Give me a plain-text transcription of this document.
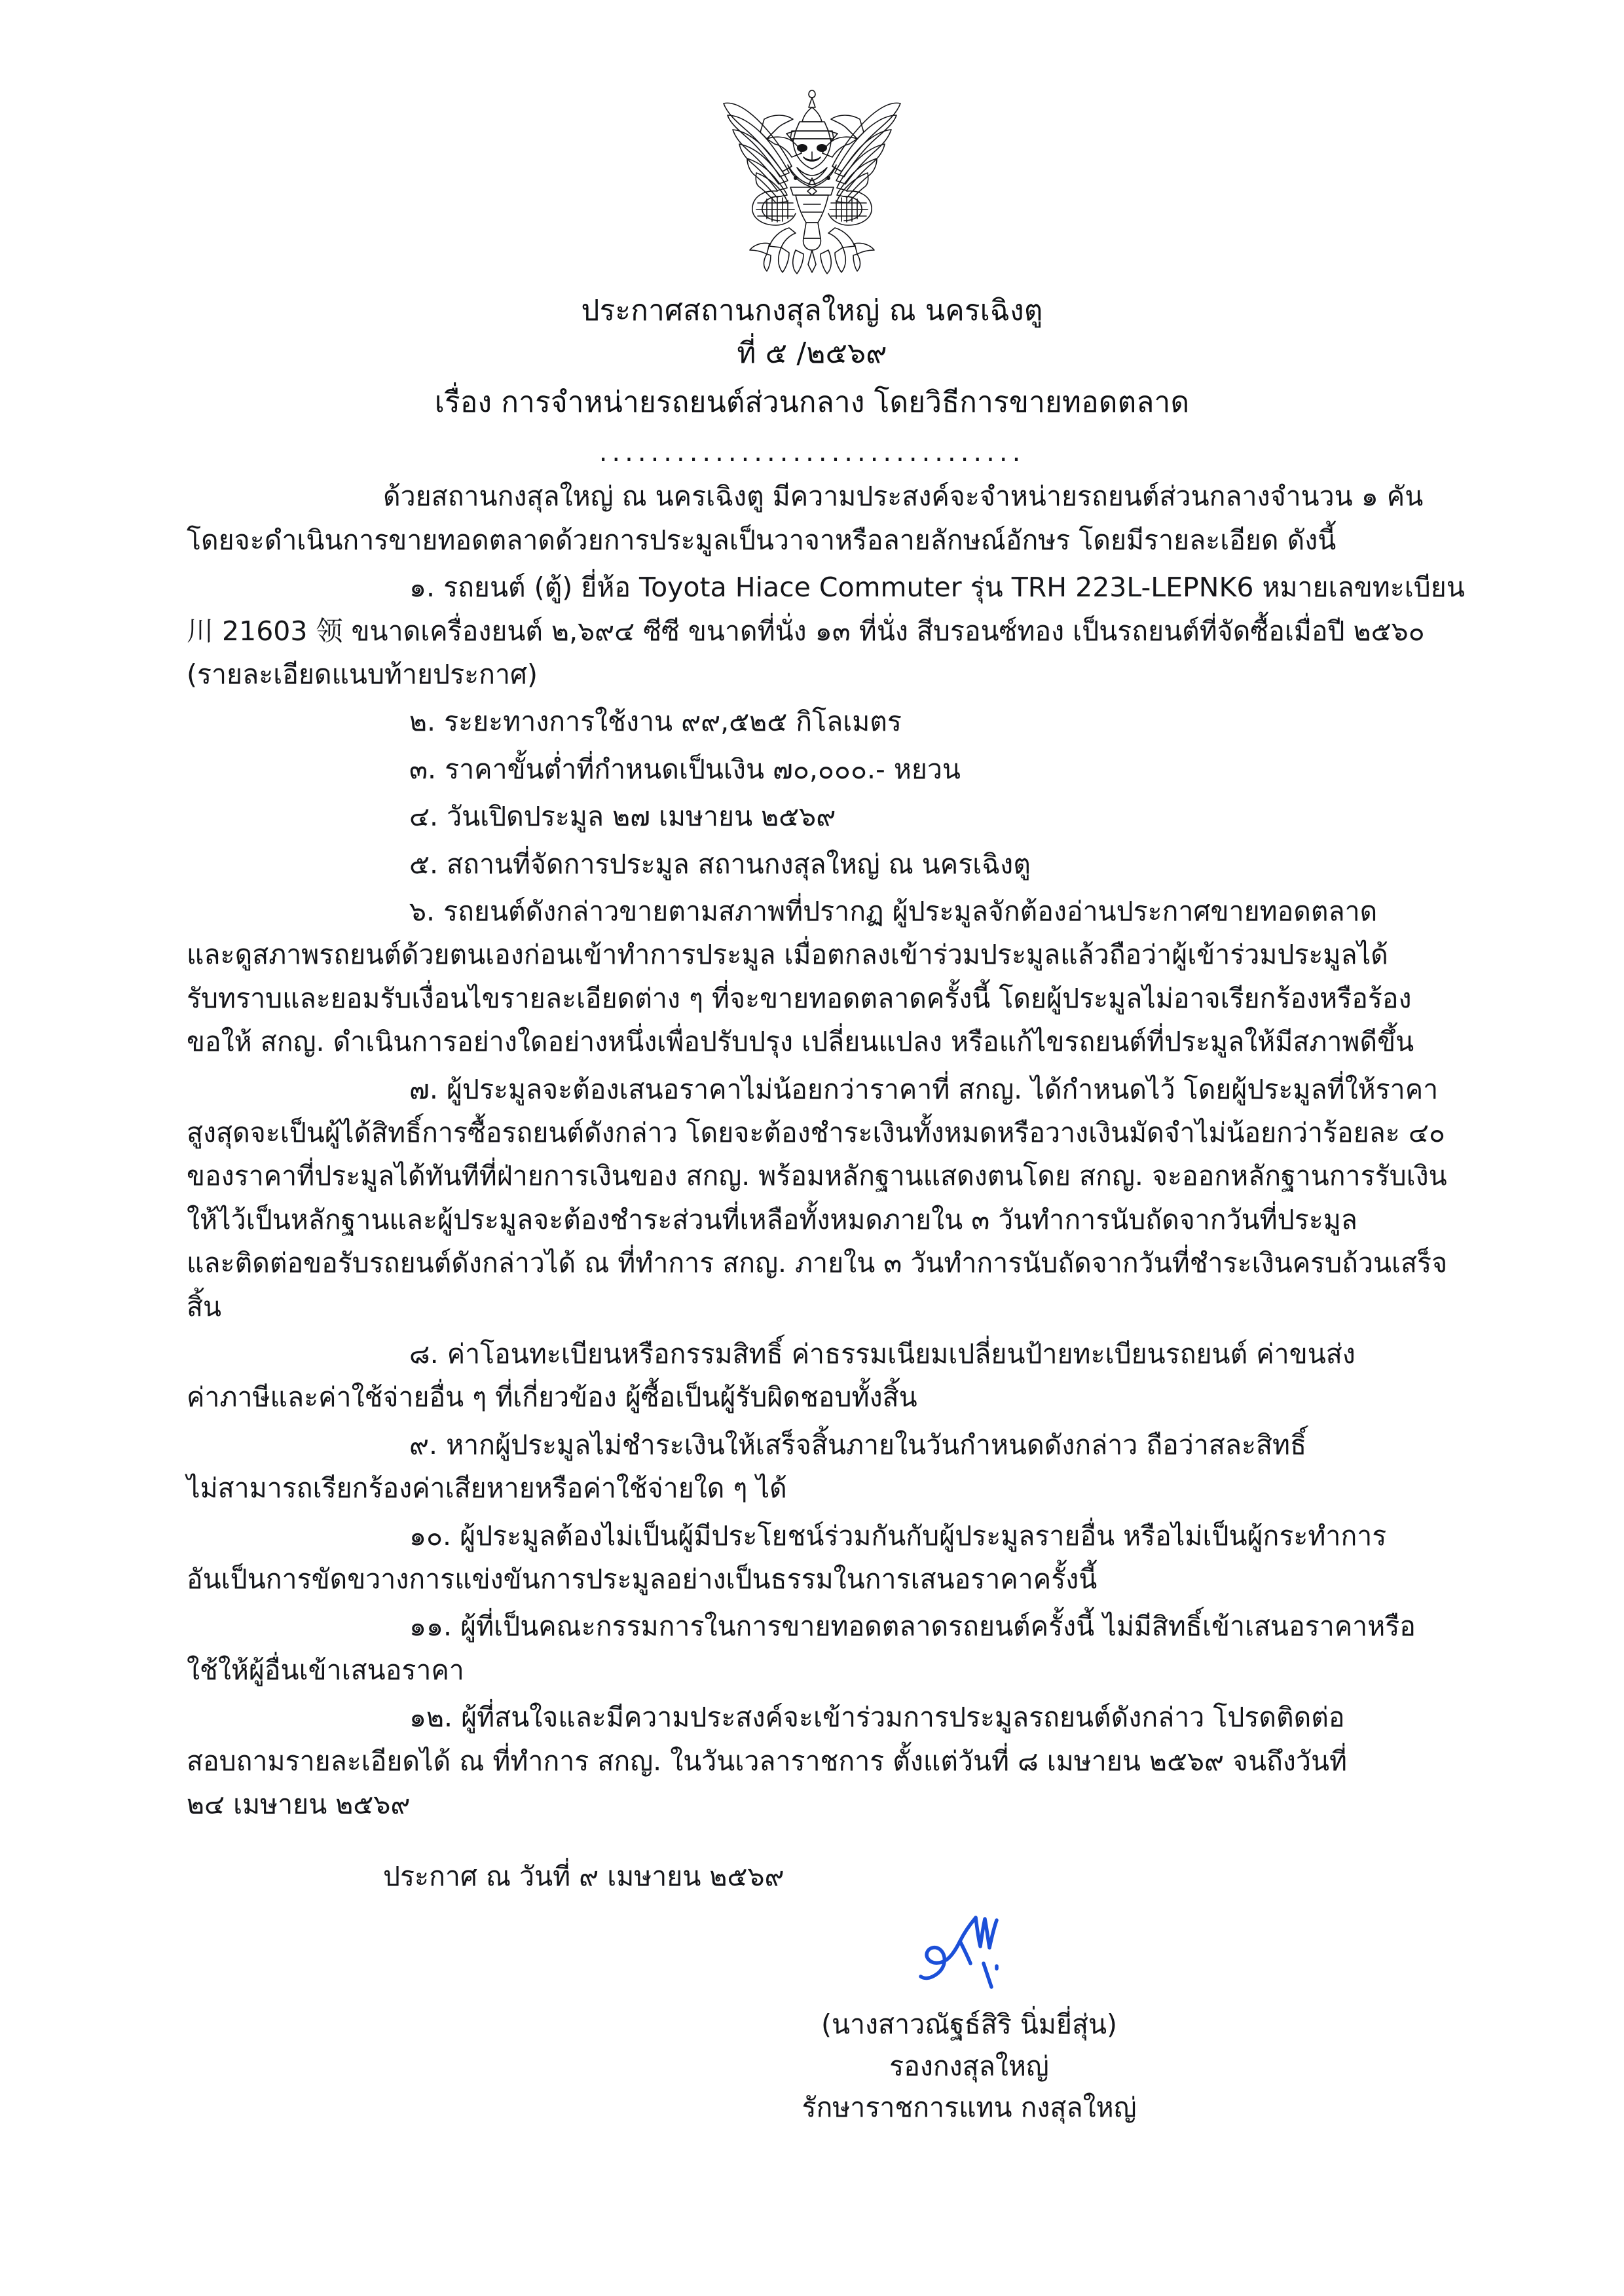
ประกาศสถานกงสุลใหญ่ ณ นครเฉิงตู
ที่ ๕ /๒๕๖๙
เรื่อง การจำหน่ายรถยนต์ส่วนกลาง โดยวิธีการขายทอดตลาด
.................................

ด้วยสถานกงสุลใหญ่ ณ นครเฉิงตู มีความประสงค์จะจำหน่ายรถยนต์ส่วนกลางจำนวน ๑ คัน

โดยจะดำเนินการขายทอดตลาดด้วยการประมูลเป็นวาจาหรือลายลักษณ์อักษร โดยมีรายละเอียด ดังนี้

๑. รถยนต์ (ตู้) ยี่ห้อ Toyota Hiace Commuter รุ่น TRH 223L-LEPNK6 หมายเลขทะเบียน

川 21603 领 ขนาดเครื่องยนต์ ๒,๖๙๔ ซีซี ขนาดที่นั่ง ๑๓ ที่นั่ง สีบรอนซ์ทอง เป็นรถยนต์ที่จัดซื้อเมื่อปี ๒๕๖๐

(รายละเอียดแนบท้ายประกาศ)

๒. ระยะทางการใช้งาน ๙๙,๕๒๕ กิโลเมตร

๓. ราคาขั้นต่ำที่กำหนดเป็นเงิน ๗๐,๐๐๐.- หยวน

๔. วันเปิดประมูล ๒๗ เมษายน ๒๕๖๙

๕. สถานที่จัดการประมูล สถานกงสุลใหญ่ ณ นครเฉิงตู

๖. รถยนต์ดังกล่าวขายตามสภาพที่ปรากฏ ผู้ประมูลจักต้องอ่านประกาศขายทอดตลาด

และดูสภาพรถยนต์ด้วยตนเองก่อนเข้าทำการประมูล เมื่อตกลงเข้าร่วมประมูลแล้วถือว่าผู้เข้าร่วมประมูลได้

รับทราบและยอมรับเงื่อนไขรายละเอียดต่าง ๆ ที่จะขายทอดตลาดครั้งนี้ โดยผู้ประมูลไม่อาจเรียกร้องหรือร้อง

ขอให้ สกญ. ดำเนินการอย่างใดอย่างหนึ่งเพื่อปรับปรุง เปลี่ยนแปลง หรือแก้ไขรถยนต์ที่ประมูลให้มีสภาพดีขึ้น

๗. ผู้ประมูลจะต้องเสนอราคาไม่น้อยกว่าราคาที่ สกญ. ได้กำหนดไว้ โดยผู้ประมูลที่ให้ราคา

สูงสุดจะเป็นผู้ได้สิทธิ์การซื้อรถยนต์ดังกล่าว โดยจะต้องชำระเงินทั้งหมดหรือวางเงินมัดจำไม่น้อยกว่าร้อยละ ๔๐

ของราคาที่ประมูลได้ทันทีที่ฝ่ายการเงินของ สกญ. พร้อมหลักฐานแสดงตนโดย สกญ. จะออกหลักฐานการรับเงิน

ให้ไว้เป็นหลักฐานและผู้ประมูลจะต้องชำระส่วนที่เหลือทั้งหมดภายใน ๓ วันทำการนับถัดจากวันที่ประมูล

และติดต่อขอรับรถยนต์ดังกล่าวได้ ณ ที่ทำการ สกญ. ภายใน ๓ วันทำการนับถัดจากวันที่ชำระเงินครบถ้วนเสร็จสิ้น

๘. ค่าโอนทะเบียนหรือกรรมสิทธิ์ ค่าธรรมเนียมเปลี่ยนป้ายทะเบียนรถยนต์ ค่าขนส่ง

ค่าภาษีและค่าใช้จ่ายอื่น ๆ ที่เกี่ยวข้อง ผู้ซื้อเป็นผู้รับผิดชอบทั้งสิ้น

๙. หากผู้ประมูลไม่ชำระเงินให้เสร็จสิ้นภายในวันกำหนดดังกล่าว ถือว่าสละสิทธิ์

ไม่สามารถเรียกร้องค่าเสียหายหรือค่าใช้จ่ายใด ๆ ได้

๑๐. ผู้ประมูลต้องไม่เป็นผู้มีประโยชน์ร่วมกันกับผู้ประมูลรายอื่น หรือไม่เป็นผู้กระทำการ

อันเป็นการขัดขวางการแข่งขันการประมูลอย่างเป็นธรรมในการเสนอราคาครั้งนี้

๑๑. ผู้ที่เป็นคณะกรรมการในการขายทอดตลาดรถยนต์ครั้งนี้ ไม่มีสิทธิ์เข้าเสนอราคาหรือ

ใช้ให้ผู้อื่นเข้าเสนอราคา

๑๒. ผู้ที่สนใจและมีความประสงค์จะเข้าร่วมการประมูลรถยนต์ดังกล่าว โปรดติดต่อ

สอบถามรายละเอียดได้ ณ ที่ทำการ สกญ. ในวันเวลาราชการ ตั้งแต่วันที่ ๘ เมษายน ๒๕๖๙ จนถึงวันที่

๒๔ เมษายน ๒๕๖๙

ประกาศ ณ วันที่ ๙ เมษายน ๒๕๖๙

(นางสาวณัฐธ์สิริ นิ่มยี่สุ่น)
รองกงสุลใหญ่
รักษาราชการแทน กงสุลใหญ่
